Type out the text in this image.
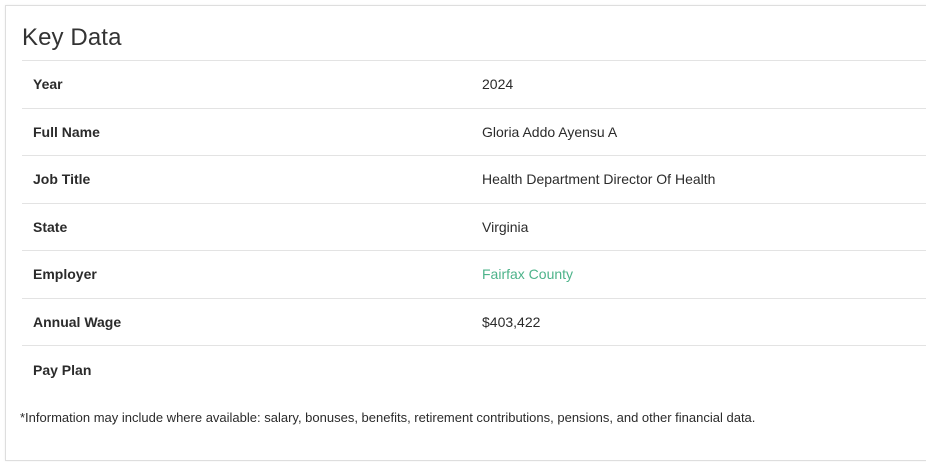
Key Data
Year	2024
Full Name	Gloria Addo Ayensu A
Job Title	Health Department Director Of Health
State	Virginia
Employer	Fairfax County
Annual Wage	$403,422
Pay Plan

*Information may include where available: salary, bonuses, benefits, retirement contributions, pensions, and other financial data.
